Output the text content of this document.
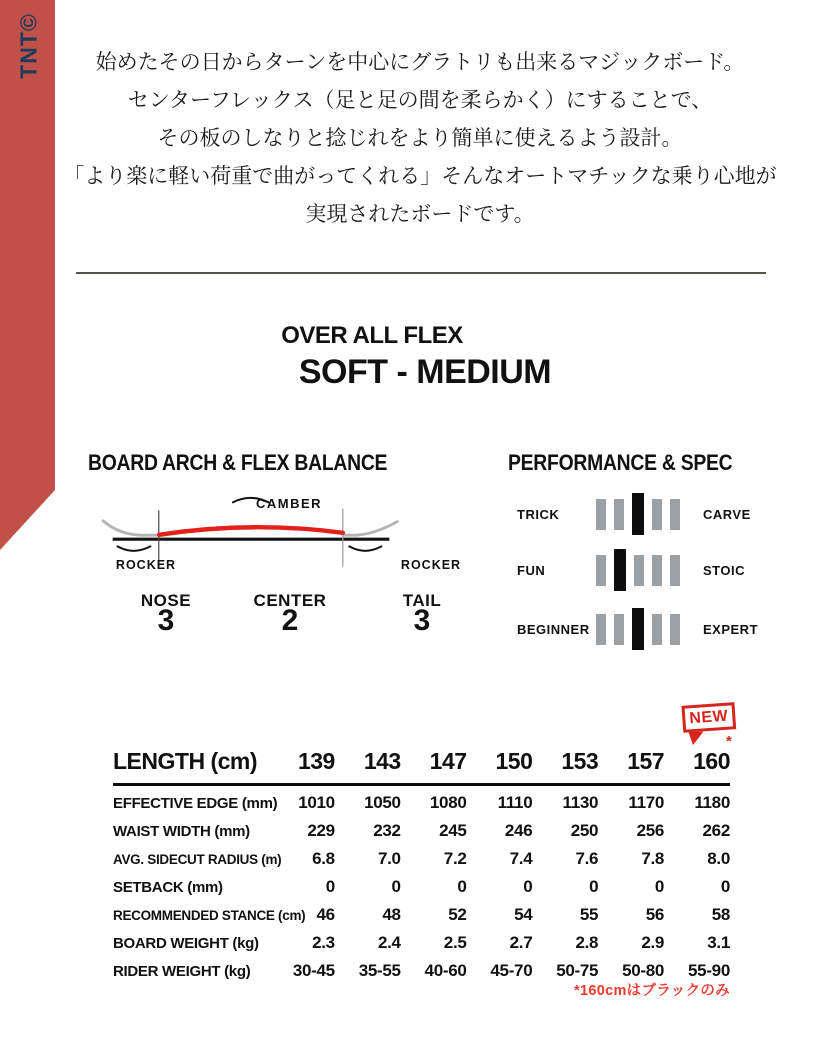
TNT©	始めたその日からターンを中心にグラトリも出来るマジックボード。
センターフレックス（足と足の間を柔らかく）にすることで、
その板のしなりと捻じれをより簡単に使えるよう設計。
「より楽に軽い荷重で曲がってくれる」そんなオートマチックな乗り心地が
実現されたボードです。
OVER ALL FLEX
SOFT - MEDIUM
BOARD ARCH & FLEX BALANCE
CAMBER
ROCKER	ROCKER
NOSE
3
CENTER
2
TAIL
3
PERFORMANCE & SPEC
TRICK	CARVE
FUN	STOIC
BEGINNER	EXPERT
NEW
*
LENGTH (cm)	139	143	147	150	153	157	160
EFFECTIVE EDGE (mm)	1010	1050	1080	1110	1130	1170	1180
WAIST WIDTH (mm)	229	232	245	246	250	256	262
AVG. SIDECUT RADIUS (m)	6.8	7.0	7.2	7.4	7.6	7.8	8.0
SETBACK (mm)	0	0	0	0	0	0	0
RECOMMENDED STANCE (cm)	46	48	52	54	55	56	58
BOARD WEIGHT (kg)	2.3	2.4	2.5	2.7	2.8	2.9	3.1
RIDER WEIGHT (kg)	30-45	35-55	40-60	45-70	50-75	50-80	55-90
*160cmはブラックのみ
